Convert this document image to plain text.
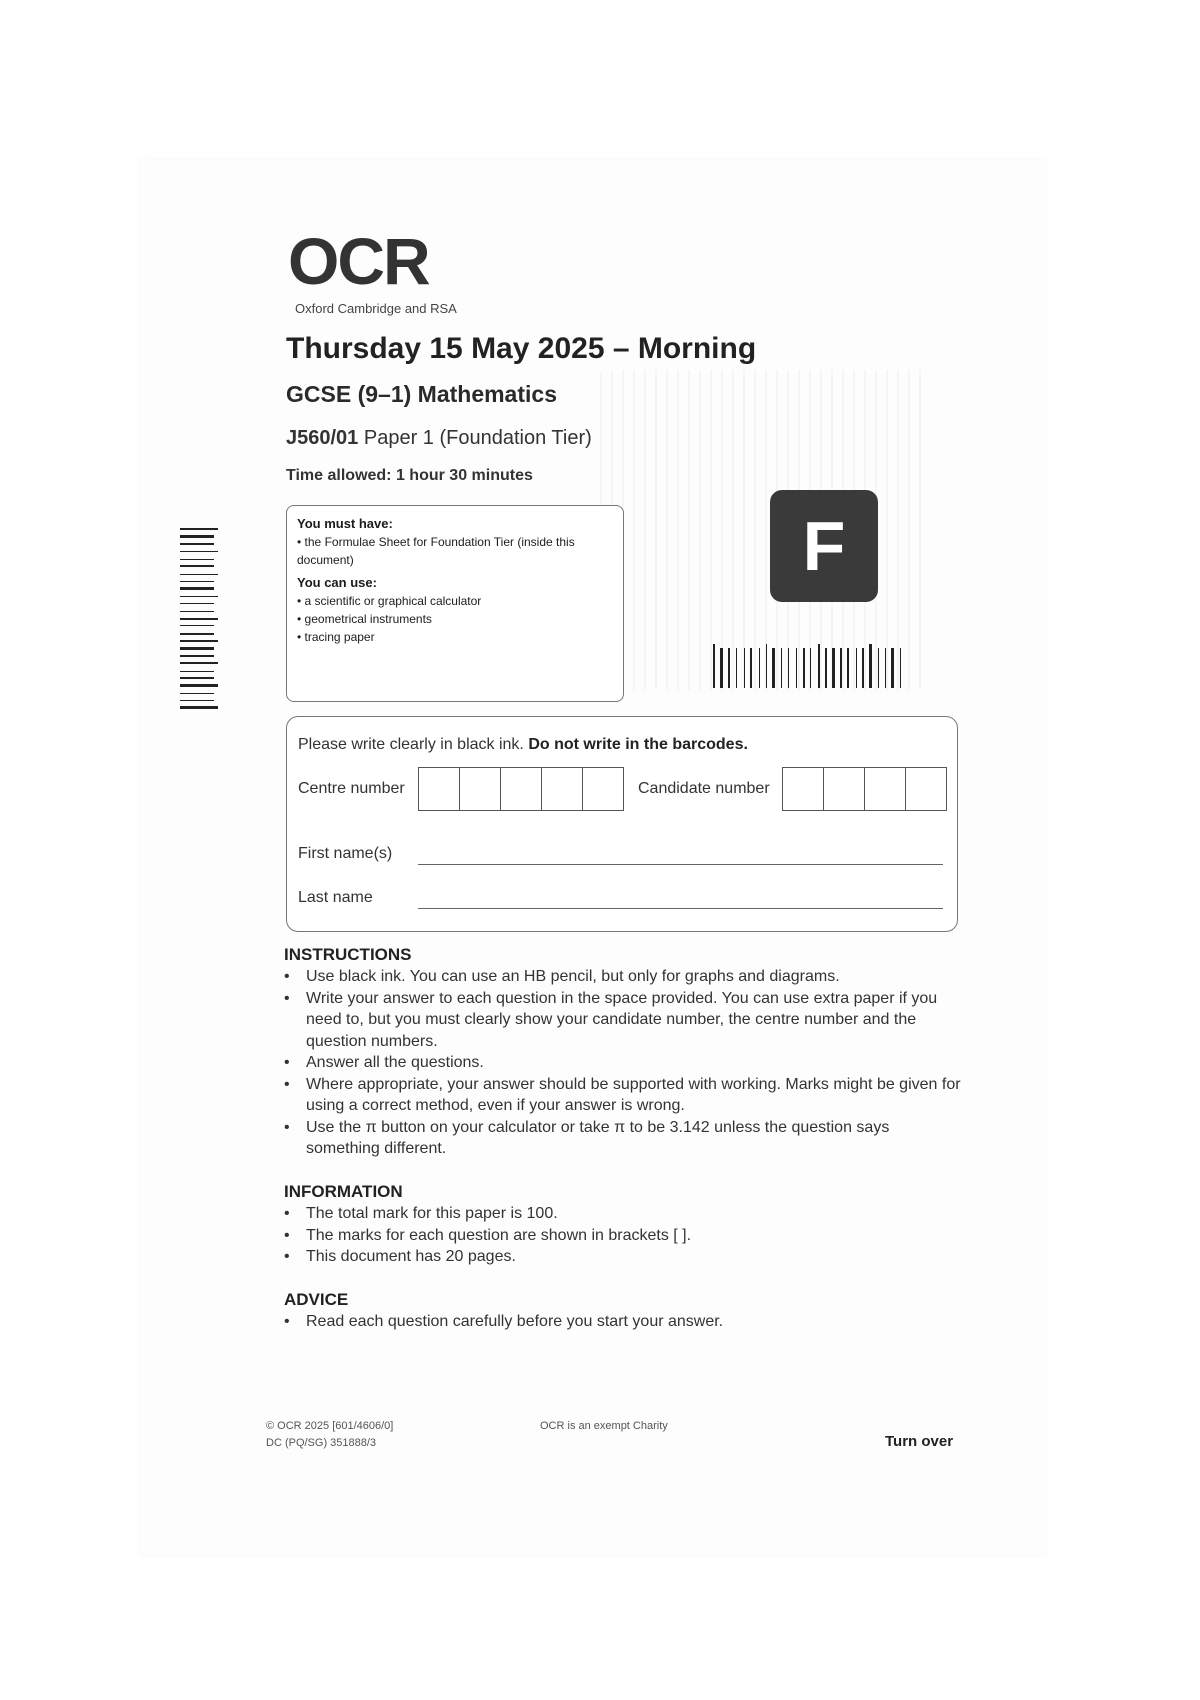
OCR
Oxford Cambridge and RSA
Thursday 15 May 2025 – Morning
GCSE (9–1) Mathematics
J560/01 Paper 1 (Foundation Tier)
Time allowed: 1 hour 30 minutes

You must have:

• the Formulae Sheet for Foundation Tier (inside this document)

You can use:

• a scientific or graphical calculator
• geometrical instruments
• tracing paper
F
Please write clearly in black ink. Do not write in the barcodes.
Centre number	Candidate number
First name(s)
Last name
INSTRUCTIONS
• Use black ink. You can use an HB pencil, but only for graphs and diagrams.
• Write your answer to each question in the space provided. You can use extra paper if you need to, but you must clearly show your candidate number, the centre number and the question numbers.
• Answer all the questions.
• Where appropriate, your answer should be supported with working. Marks might be given for using a correct method, even if your answer is wrong.
• Use the π button on your calculator or take π to be 3.142 unless the question says something different.
INFORMATION
• The total mark for this paper is 100.
• The marks for each question are shown in brackets [ ].
• This document has 20 pages.
ADVICE
• Read each question carefully before you start your answer.
© OCR 2025 [601/4606/0]
DC (PQ/SG) 351888/3
OCR is an exempt Charity
Turn over
